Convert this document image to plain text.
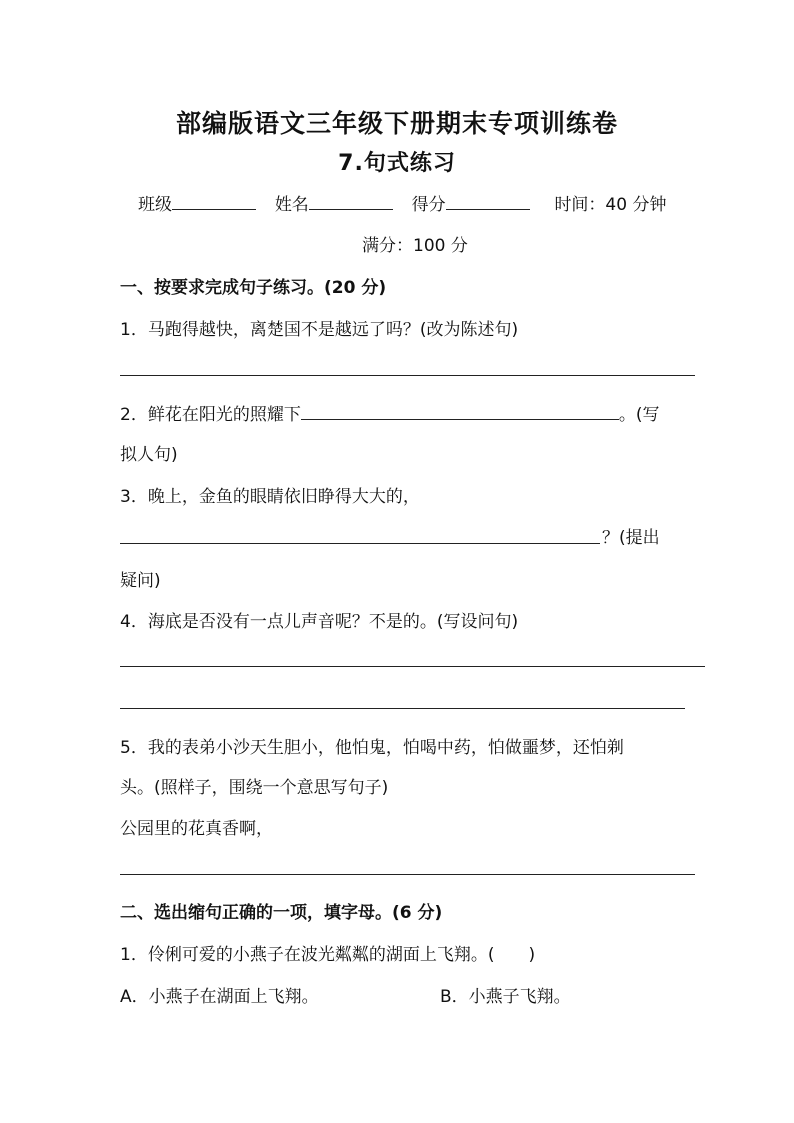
部编版语文三年级下册期末专项训练卷
7.句式练习
班级	姓名	得分	时间：40 分钟
满分：100 分
一、按要求完成句子练习。(20 分)
1．马跑得越快，离楚国不是越远了吗？(改为陈述句)
2．鲜花在阳光的照耀下	。(写
拟人句)
3．晚上，金鱼的眼睛依旧睁得大大的，
？(提出
疑问)
4．海底是否没有一点儿声音呢？不是的。(写设问句)
5．我的表弟小沙天生胆小，他怕鬼，怕喝中药，怕做噩梦，还怕剃
头。(照样子，围绕一个意思写句子)
公园里的花真香啊，
二、选出缩句正确的一项，填字母。(6 分)
1．伶俐可爱的小燕子在波光粼粼的湖面上飞翔。(　　)
A．小燕子在湖面上飞翔。	B．小燕子飞翔。
